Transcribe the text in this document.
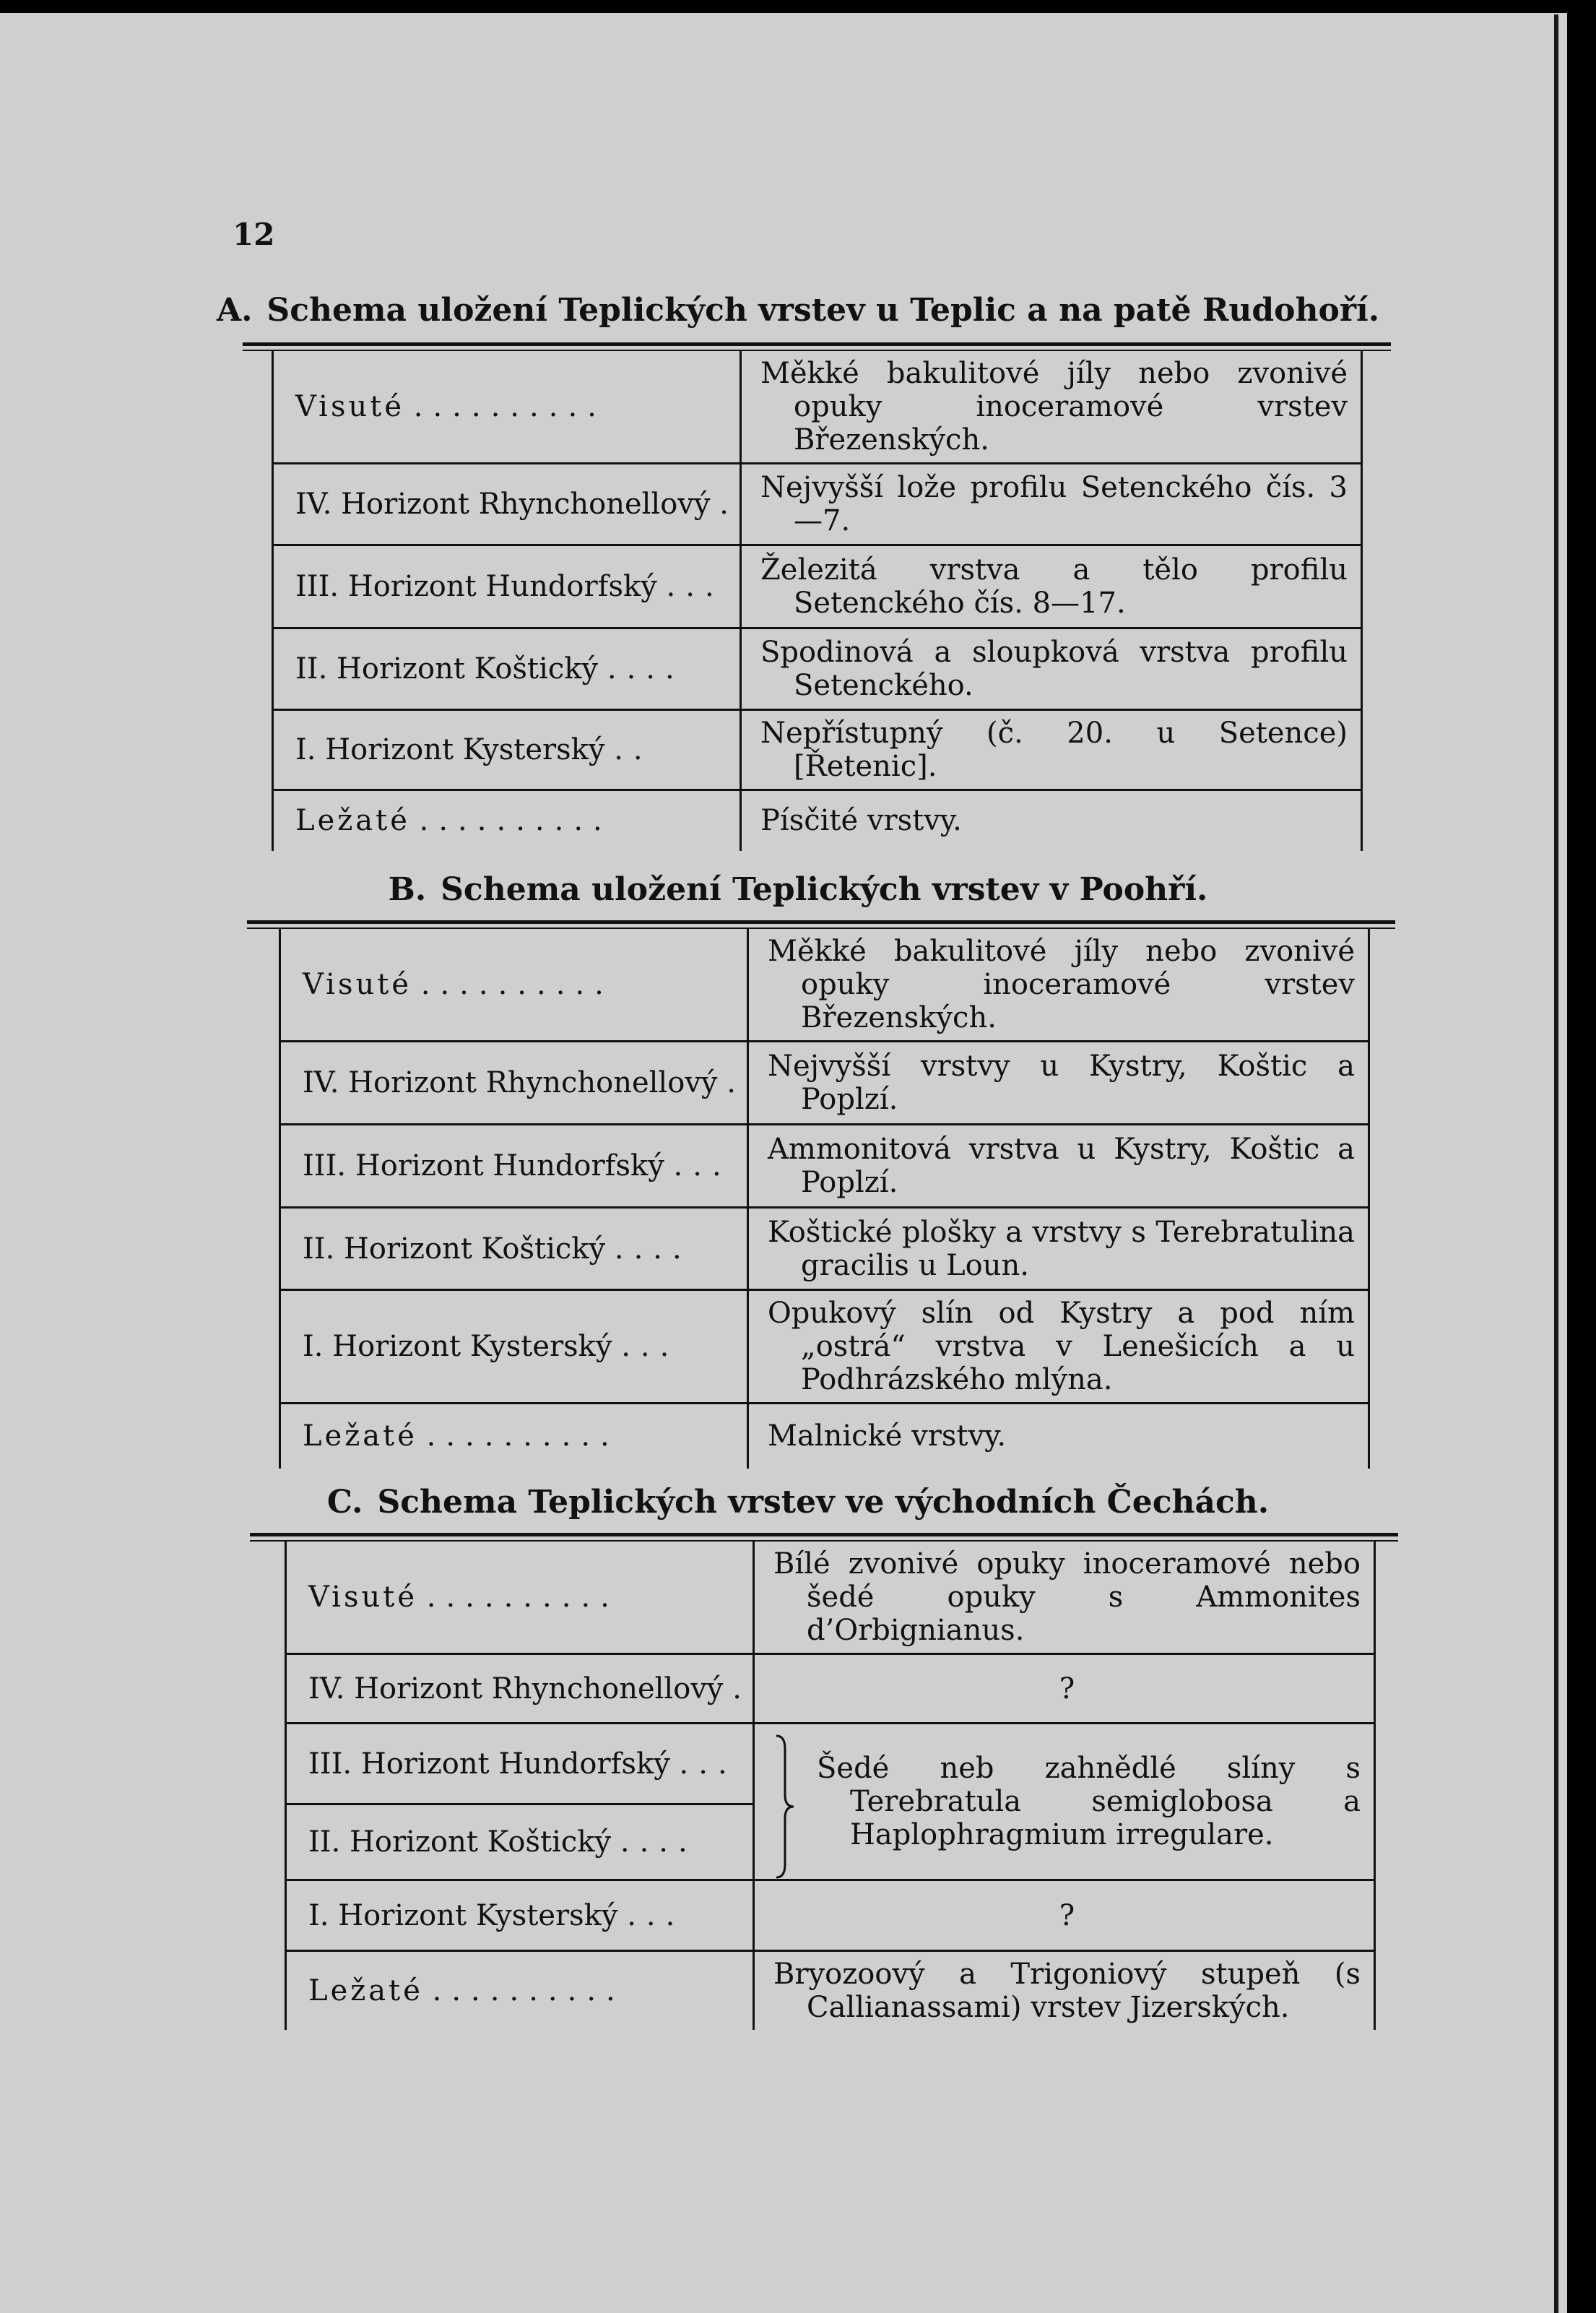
12
A. Schema uložení Teplických vrstev u Teplic a na patě Rudohoří.
Visuté ..........	Měkké bakulitové jíly nebo zvonivé opuky inoceramové vrstev Březenských.

IV. Horizont Rhynchonellový .	Nejvyšší lože profilu Setenckého čís. 3—7.

III. Horizont Hundorfský ...	Železitá vrstva a tělo profilu Setenckého čís. 8—17.

II. Horizont Koštický ....	Spodinová a sloupková vrstva profilu Setenckého.

I. Horizont Kysterský ..	Nepřístupný (č. 20. u Setence) [Řetenic].

Ležaté ..........	Písčité vrstvy.
B. Schema uložení Teplických vrstev v Poohří.
Visuté ..........	Měkké bakulitové jíly nebo zvonivé opuky inoceramové vrstev Březenských.

IV. Horizont Rhynchonellový .	Nejvyšší vrstvy u Kystry, Koštic a Poplzí.

III. Horizont Hundorfský ...	Ammonitová vrstva u Kystry, Koštic a Poplzí.

II. Horizont Koštický ....	Koštické plošky a vrstvy s Terebratulina gracilis u Loun.

I. Horizont Kysterský ...	Opukový slín od Kystry a pod ním „ostrá“ vrstva v Lenešicích a u Podhrázského mlýna.

Ležaté ..........	Malnické vrstvy.
C. Schema Teplických vrstev ve východních Čechách.
Visuté ..........	Bílé zvonivé opuky inoceramové nebo šedé opuky s Ammonites d’Orbignianus.

IV. Horizont Rhynchonellový .	?
III. Horizont Hundorfský ...	Šedé neb zahnědlé slíny s Terebratula semiglobosa a Haplophragmium irregulare.

II. Horizont Koštický ....	
I. Horizont Kysterský ...	?
Ležaté ..........	Bryozoový a Trigoniový stupeň (s Callianassami) vrstev Jizerských.
